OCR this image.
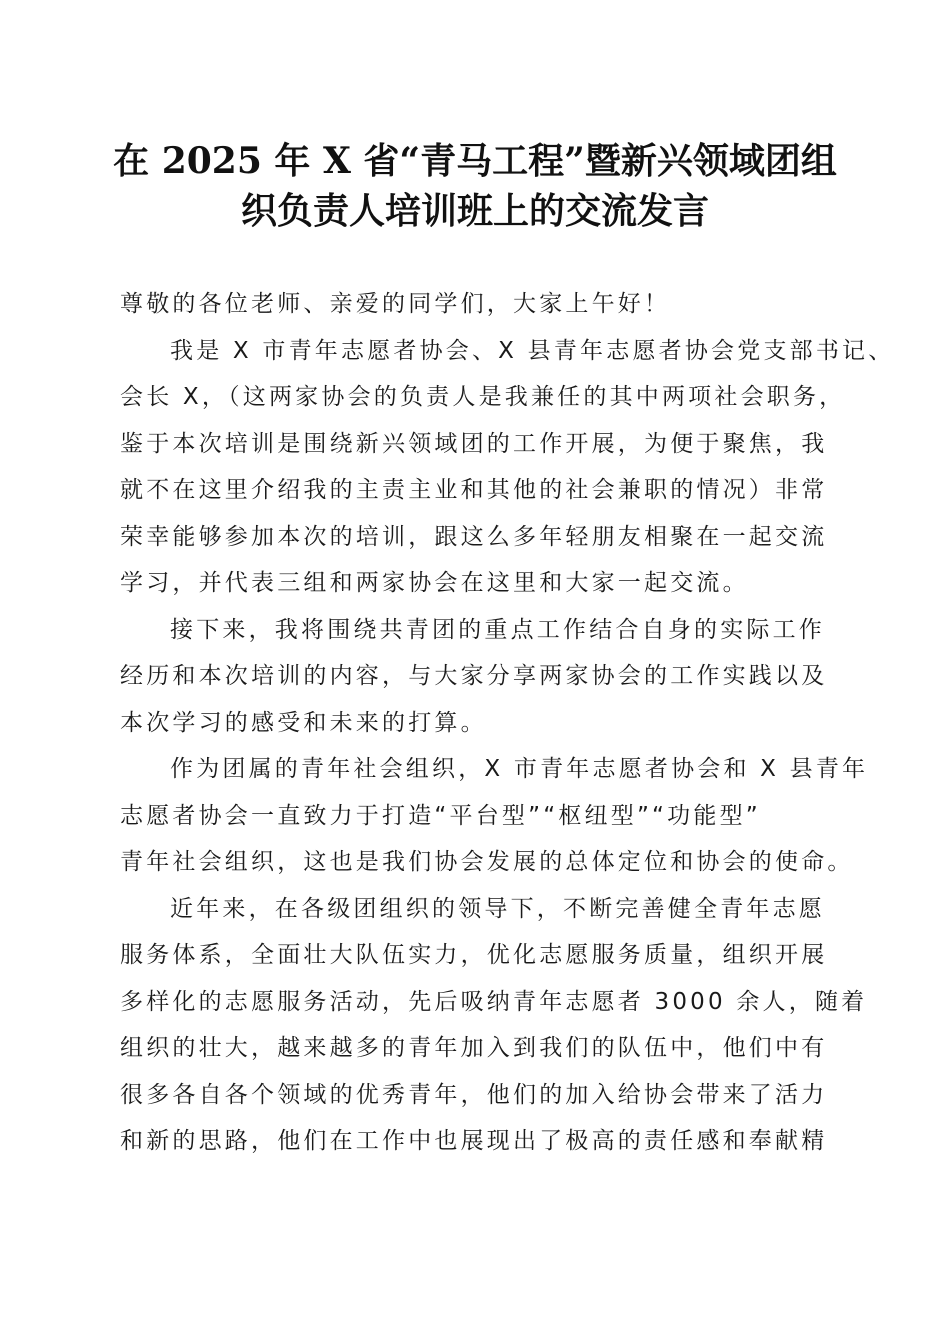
在 2025 年 X 省“青马工程”暨新兴领域团组
织负责人培训班上的交流发言
尊敬的各位老师、亲爱的同学们，大家上午好！
我是 X 市青年志愿者协会、X 县青年志愿者协会党支部书记、
会长 X，（这两家协会的负责人是我兼任的其中两项社会职务，
鉴于本次培训是围绕新兴领域团的工作开展，为便于聚焦，我
就不在这里介绍我的主责主业和其他的社会兼职的情况）非常
荣幸能够参加本次的培训，跟这么多年轻朋友相聚在一起交流
学习，并代表三组和两家协会在这里和大家一起交流。
接下来，我将围绕共青团的重点工作结合自身的实际工作
经历和本次培训的内容，与大家分享两家协会的工作实践以及
本次学习的感受和未来的打算。
作为团属的青年社会组织，X 市青年志愿者协会和 X 县青年
志愿者协会一直致力于打造“平台型”“枢纽型”“功能型”
青年社会组织，这也是我们协会发展的总体定位和协会的使命。
近年来，在各级团组织的领导下，不断完善健全青年志愿
服务体系，全面壮大队伍实力，优化志愿服务质量，组织开展
多样化的志愿服务活动，先后吸纳青年志愿者 3000 余人，随着
组织的壮大，越来越多的青年加入到我们的队伍中，他们中有
很多各自各个领域的优秀青年，他们的加入给协会带来了活力
和新的思路，他们在工作中也展现出了极高的责任感和奉献精
